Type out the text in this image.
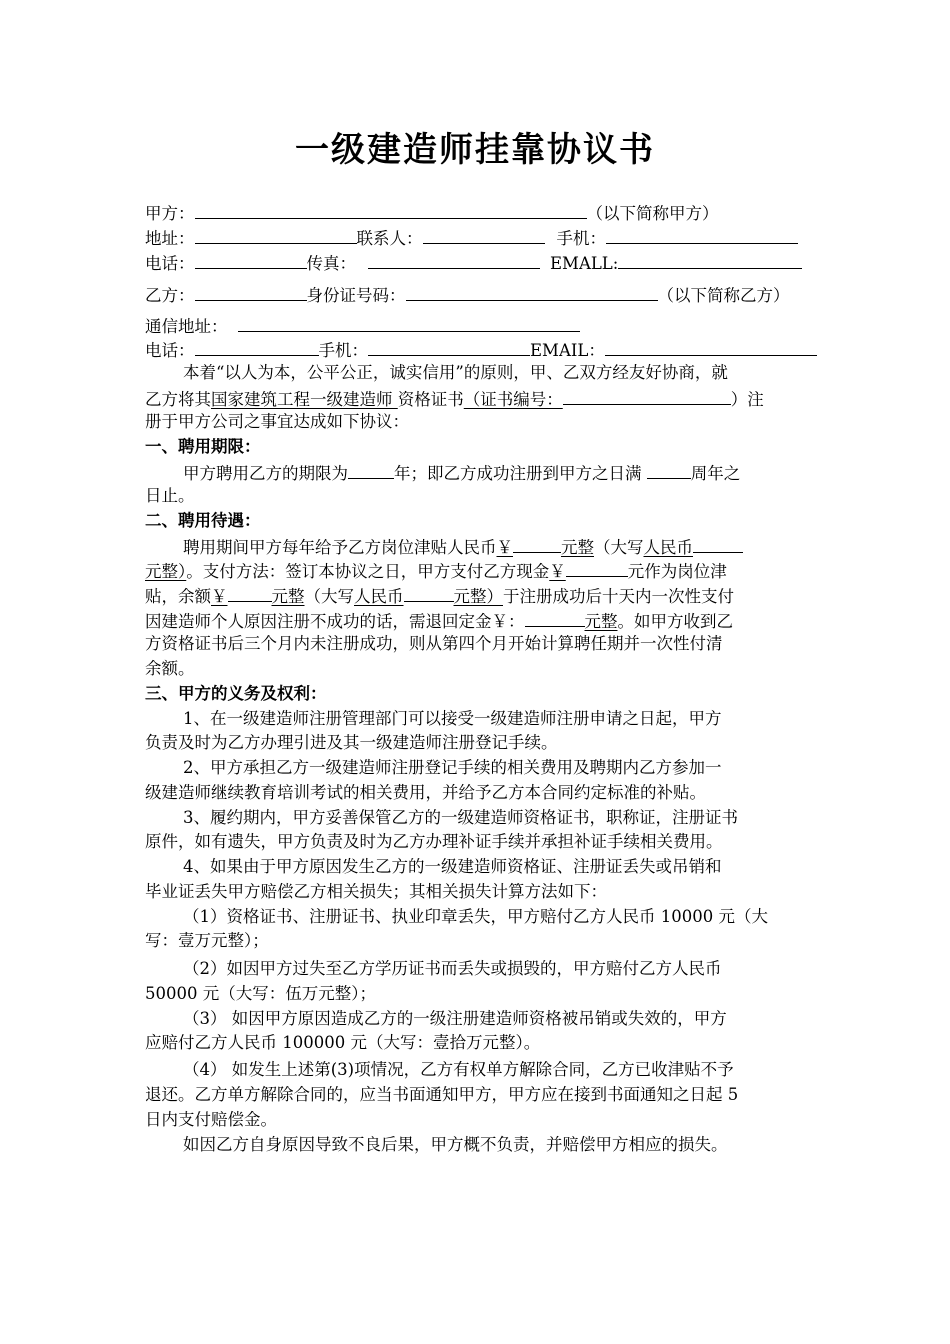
一级建造师挂靠协议书
甲方：	（以下简称甲方）
地址：	联系人：	手机：
电话：	传真：	EMALL:
乙方：	身份证号码：	（以下简称乙方）
通信地址：
电话：	手机：	EMAIL：
本着“以人为本，公平公正，诚实信用”的原则，甲、乙双方经友好协商，就
乙方将其国家建筑工程一级建造师 资格证书（证书编号：	）注
册于甲方公司之事宜达成如下协议：
一、聘用期限：
甲方聘用乙方的期限为	年；即乙方成功注册到甲方之日满	周年之
日止。
二、聘用待遇：
聘用期间甲方每年给予乙方岗位津贴人民币￥	元整（大写人民币
元整）。支付方法：签订本协议之日，甲方支付乙方现金￥	元作为岗位津
贴，余额￥	元整（大写人民币	元整）于注册成功后十天内一次性支付
因建造师个人原因注册不成功的话，需退回定金￥：	元整。如甲方收到乙
方资格证书后三个月内未注册成功，则从第四个月开始计算聘任期并一次性付清
余额。
三、甲方的义务及权利：
1、在一级建造师注册管理部门可以接受一级建造师注册申请之日起，甲方
负责及时为乙方办理引进及其一级建造师注册登记手续。
2、甲方承担乙方一级建造师注册登记手续的相关费用及聘期内乙方参加一
级建造师继续教育培训考试的相关费用，并给予乙方本合同约定标准的补贴。
3、履约期内，甲方妥善保管乙方的一级建造师资格证书，职称证，注册证书
原件，如有遗失，甲方负责及时为乙方办理补证手续并承担补证手续相关费用。
4、如果由于甲方原因发生乙方的一级建造师资格证、注册证丢失或吊销和
毕业证丢失甲方赔偿乙方相关损失；其相关损失计算方法如下：
（1）资格证书、注册证书、执业印章丢失，甲方赔付乙方人民币 10000 元（大
写：壹万元整）；
（2）如因甲方过失至乙方学历证书而丢失或损毁的，甲方赔付乙方人民币
50000 元（大写：伍万元整）；
（3） 如因甲方原因造成乙方的一级注册建造师资格被吊销或失效的，甲方
应赔付乙方人民币 100000 元（大写：壹拾万元整）。
（4） 如发生上述第(3)项情况，乙方有权单方解除合同，乙方已收津贴不予
退还。乙方单方解除合同的，应当书面通知甲方，甲方应在接到书面通知之日起 5
日内支付赔偿金。
如因乙方自身原因导致不良后果，甲方概不负责，并赔偿甲方相应的损失。
